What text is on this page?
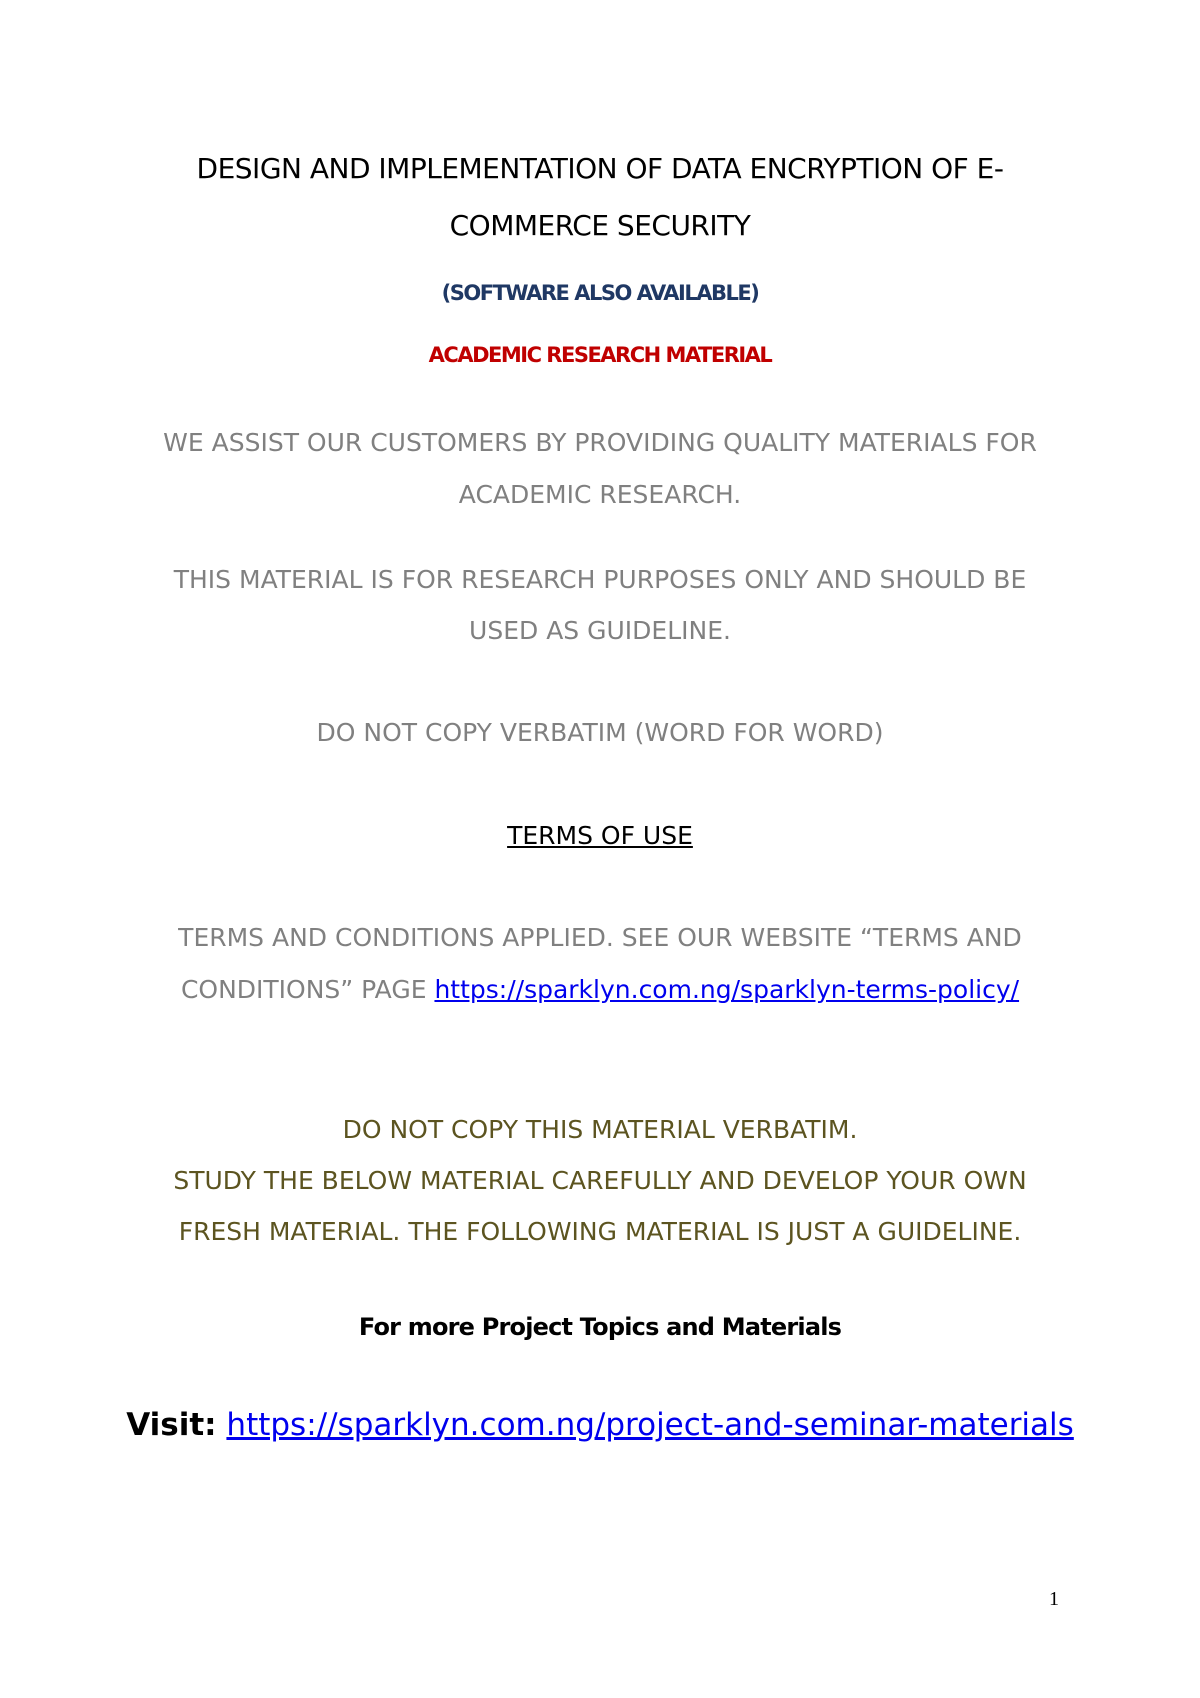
DESIGN AND IMPLEMENTATION OF DATA ENCRYPTION OF E-
COMMERCE SECURITY
(SOFTWARE ALSO AVAILABLE)
ACADEMIC RESEARCH MATERIAL
WE ASSIST OUR CUSTOMERS BY PROVIDING QUALITY MATERIALS FOR
ACADEMIC RESEARCH.
THIS MATERIAL IS FOR RESEARCH PURPOSES ONLY AND SHOULD BE
USED AS GUIDELINE.
DO NOT COPY VERBATIM (WORD FOR WORD)
TERMS OF USE
TERMS AND CONDITIONS APPLIED. SEE OUR WEBSITE “TERMS AND
CONDITIONS” PAGE https://sparklyn.com.ng/sparklyn-terms-policy/
DO NOT COPY THIS MATERIAL VERBATIM.
STUDY THE BELOW MATERIAL CAREFULLY AND DEVELOP YOUR OWN
FRESH MATERIAL. THE FOLLOWING MATERIAL IS JUST A GUIDELINE.
For more Project Topics and Materials
Visit: https://sparklyn.com.ng/project-and-seminar-materials
1
